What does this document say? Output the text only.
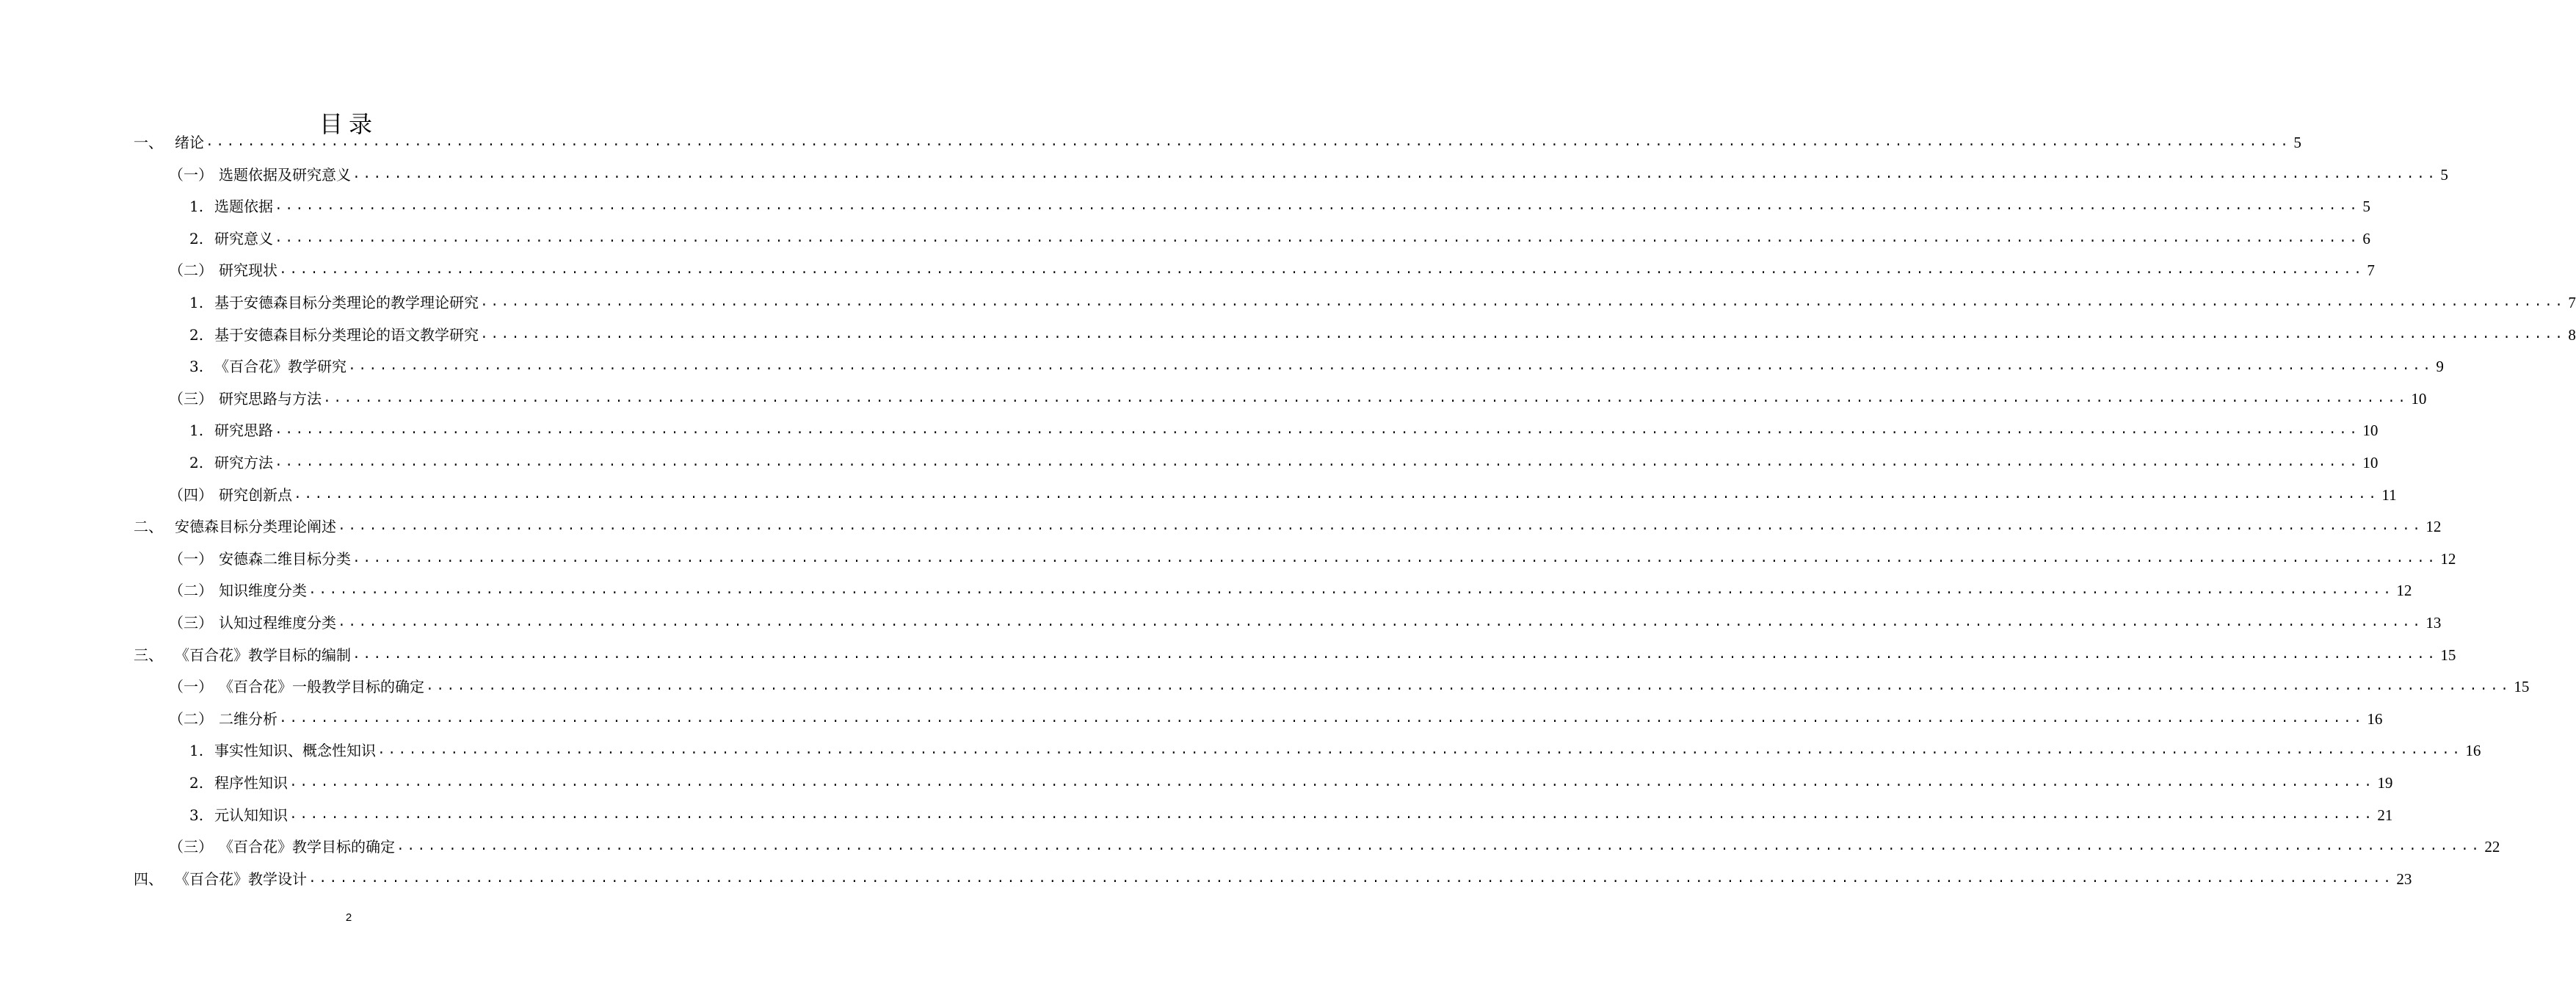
目录
一、 绪论 ........................................................................................................................................................................................................ 5
（一） 选题依据及研究意义 ........................................................................................................................................................................................................ 5
1. 选题依据 ........................................................................................................................................................................................................ 5
2. 研究意义 ........................................................................................................................................................................................................ 6
（二） 研究现状 ........................................................................................................................................................................................................ 7
1. 基于安德森目标分类理论的教学理论研究 ........................................................................................................................................................................................................ 7
2. 基于安德森目标分类理论的语文教学研究 ........................................................................................................................................................................................................ 8
3. 《百合花》教学研究 ........................................................................................................................................................................................................ 9
（三） 研究思路与方法 ........................................................................................................................................................................................................ 10
1. 研究思路 ........................................................................................................................................................................................................ 10
2. 研究方法 ........................................................................................................................................................................................................ 10
（四） 研究创新点 ........................................................................................................................................................................................................ 11
二、 安德森目标分类理论阐述 ........................................................................................................................................................................................................ 12
（一） 安德森二维目标分类 ........................................................................................................................................................................................................ 12
（二） 知识维度分类 ........................................................................................................................................................................................................ 12
（三） 认知过程维度分类 ........................................................................................................................................................................................................ 13
三、 《百合花》教学目标的编制 ........................................................................................................................................................................................................ 15
（一） 《百合花》一般教学目标的确定 ........................................................................................................................................................................................................ 15
（二） 二维分析 ........................................................................................................................................................................................................ 16
1. 事实性知识、概念性知识 ........................................................................................................................................................................................................ 16
2. 程序性知识 ........................................................................................................................................................................................................ 19
3. 元认知知识 ........................................................................................................................................................................................................ 21
（三） 《百合花》教学目标的确定 ........................................................................................................................................................................................................ 22
四、 《百合花》教学设计 ........................................................................................................................................................................................................ 23
2
